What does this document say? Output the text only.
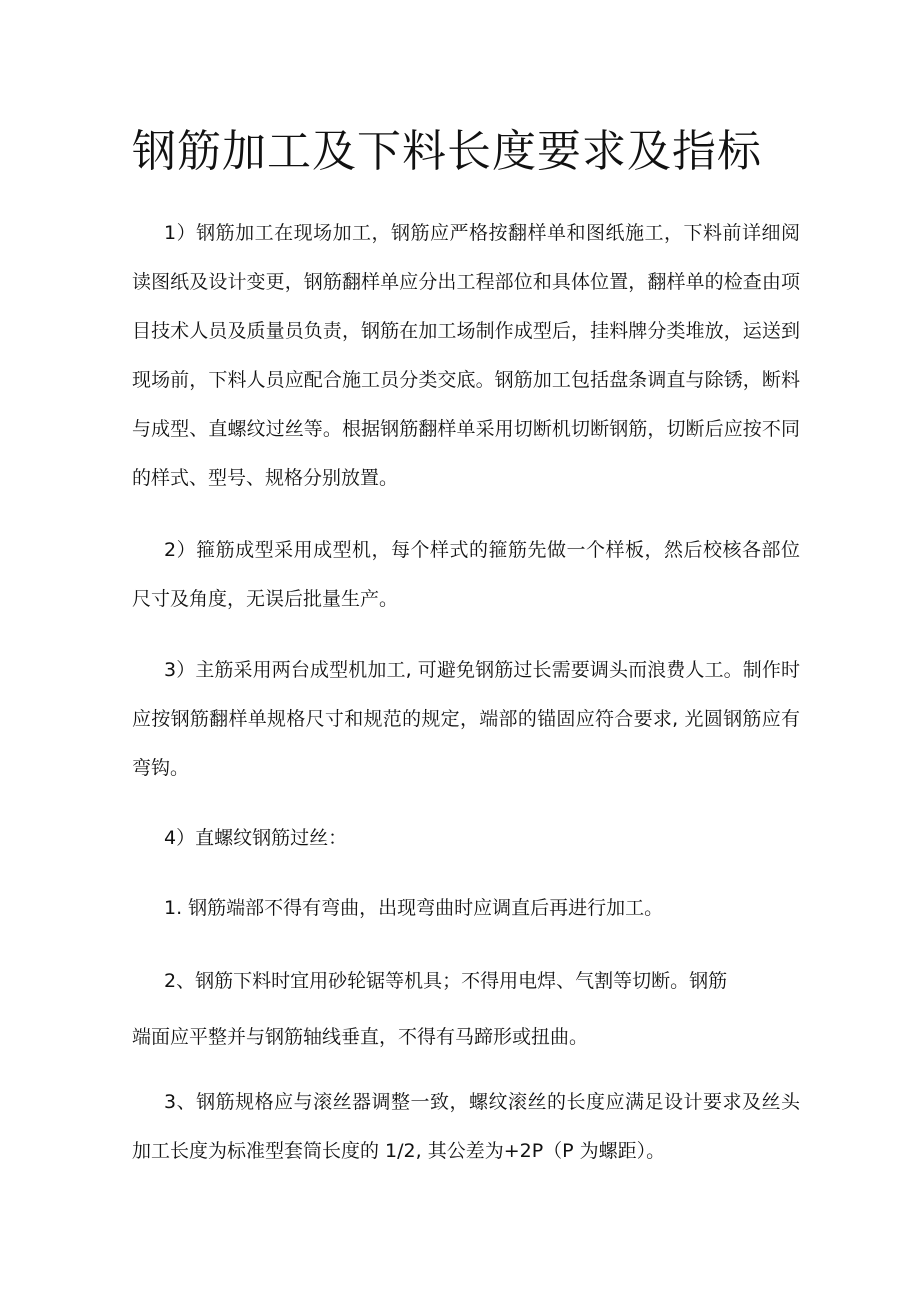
钢筋加工及下料长度要求及指标

1）钢筋加工在现场加工，钢筋应严格按翻样单和图纸施工，下料前详细阅读图纸及设计变更，钢筋翻样单应分出工程部位和具体位置，翻样单的检查由项目技术人员及质量员负责，钢筋在加工场制作成型后，挂料牌分类堆放，运送到现场前，下料人员应配合施工员分类交底。钢筋加工包括盘条调直与除锈，断料与成型、直螺纹过丝等。根据钢筋翻样单采用切断机切断钢筋，切断后应按不同的样式、型号、规格分别放置。

2）箍筋成型采用成型机，每个样式的箍筋先做一个样板，然后校核各部位尺寸及角度，无误后批量生产。

3）主筋采用两台成型机加工, 可避免钢筋过长需要调头而浪费人工。制作时应按钢筋翻样单规格尺寸和规范的规定，端部的锚固应符合要求, 光圆钢筋应有弯钩。

4）直螺纹钢筋过丝：

1. 钢筋端部不得有弯曲，出现弯曲时应调直后再进行加工。

2、钢筋下料时宜用砂轮锯等机具；不得用电焊、气割等切断。钢筋

端面应平整并与钢筋轴线垂直，不得有马蹄形或扭曲。

3、钢筋规格应与滚丝器调整一致，螺纹滚丝的长度应满足设计要求及丝头加工长度为标准型套筒长度的 1/2, 其公差为+2P（P 为螺距）。
